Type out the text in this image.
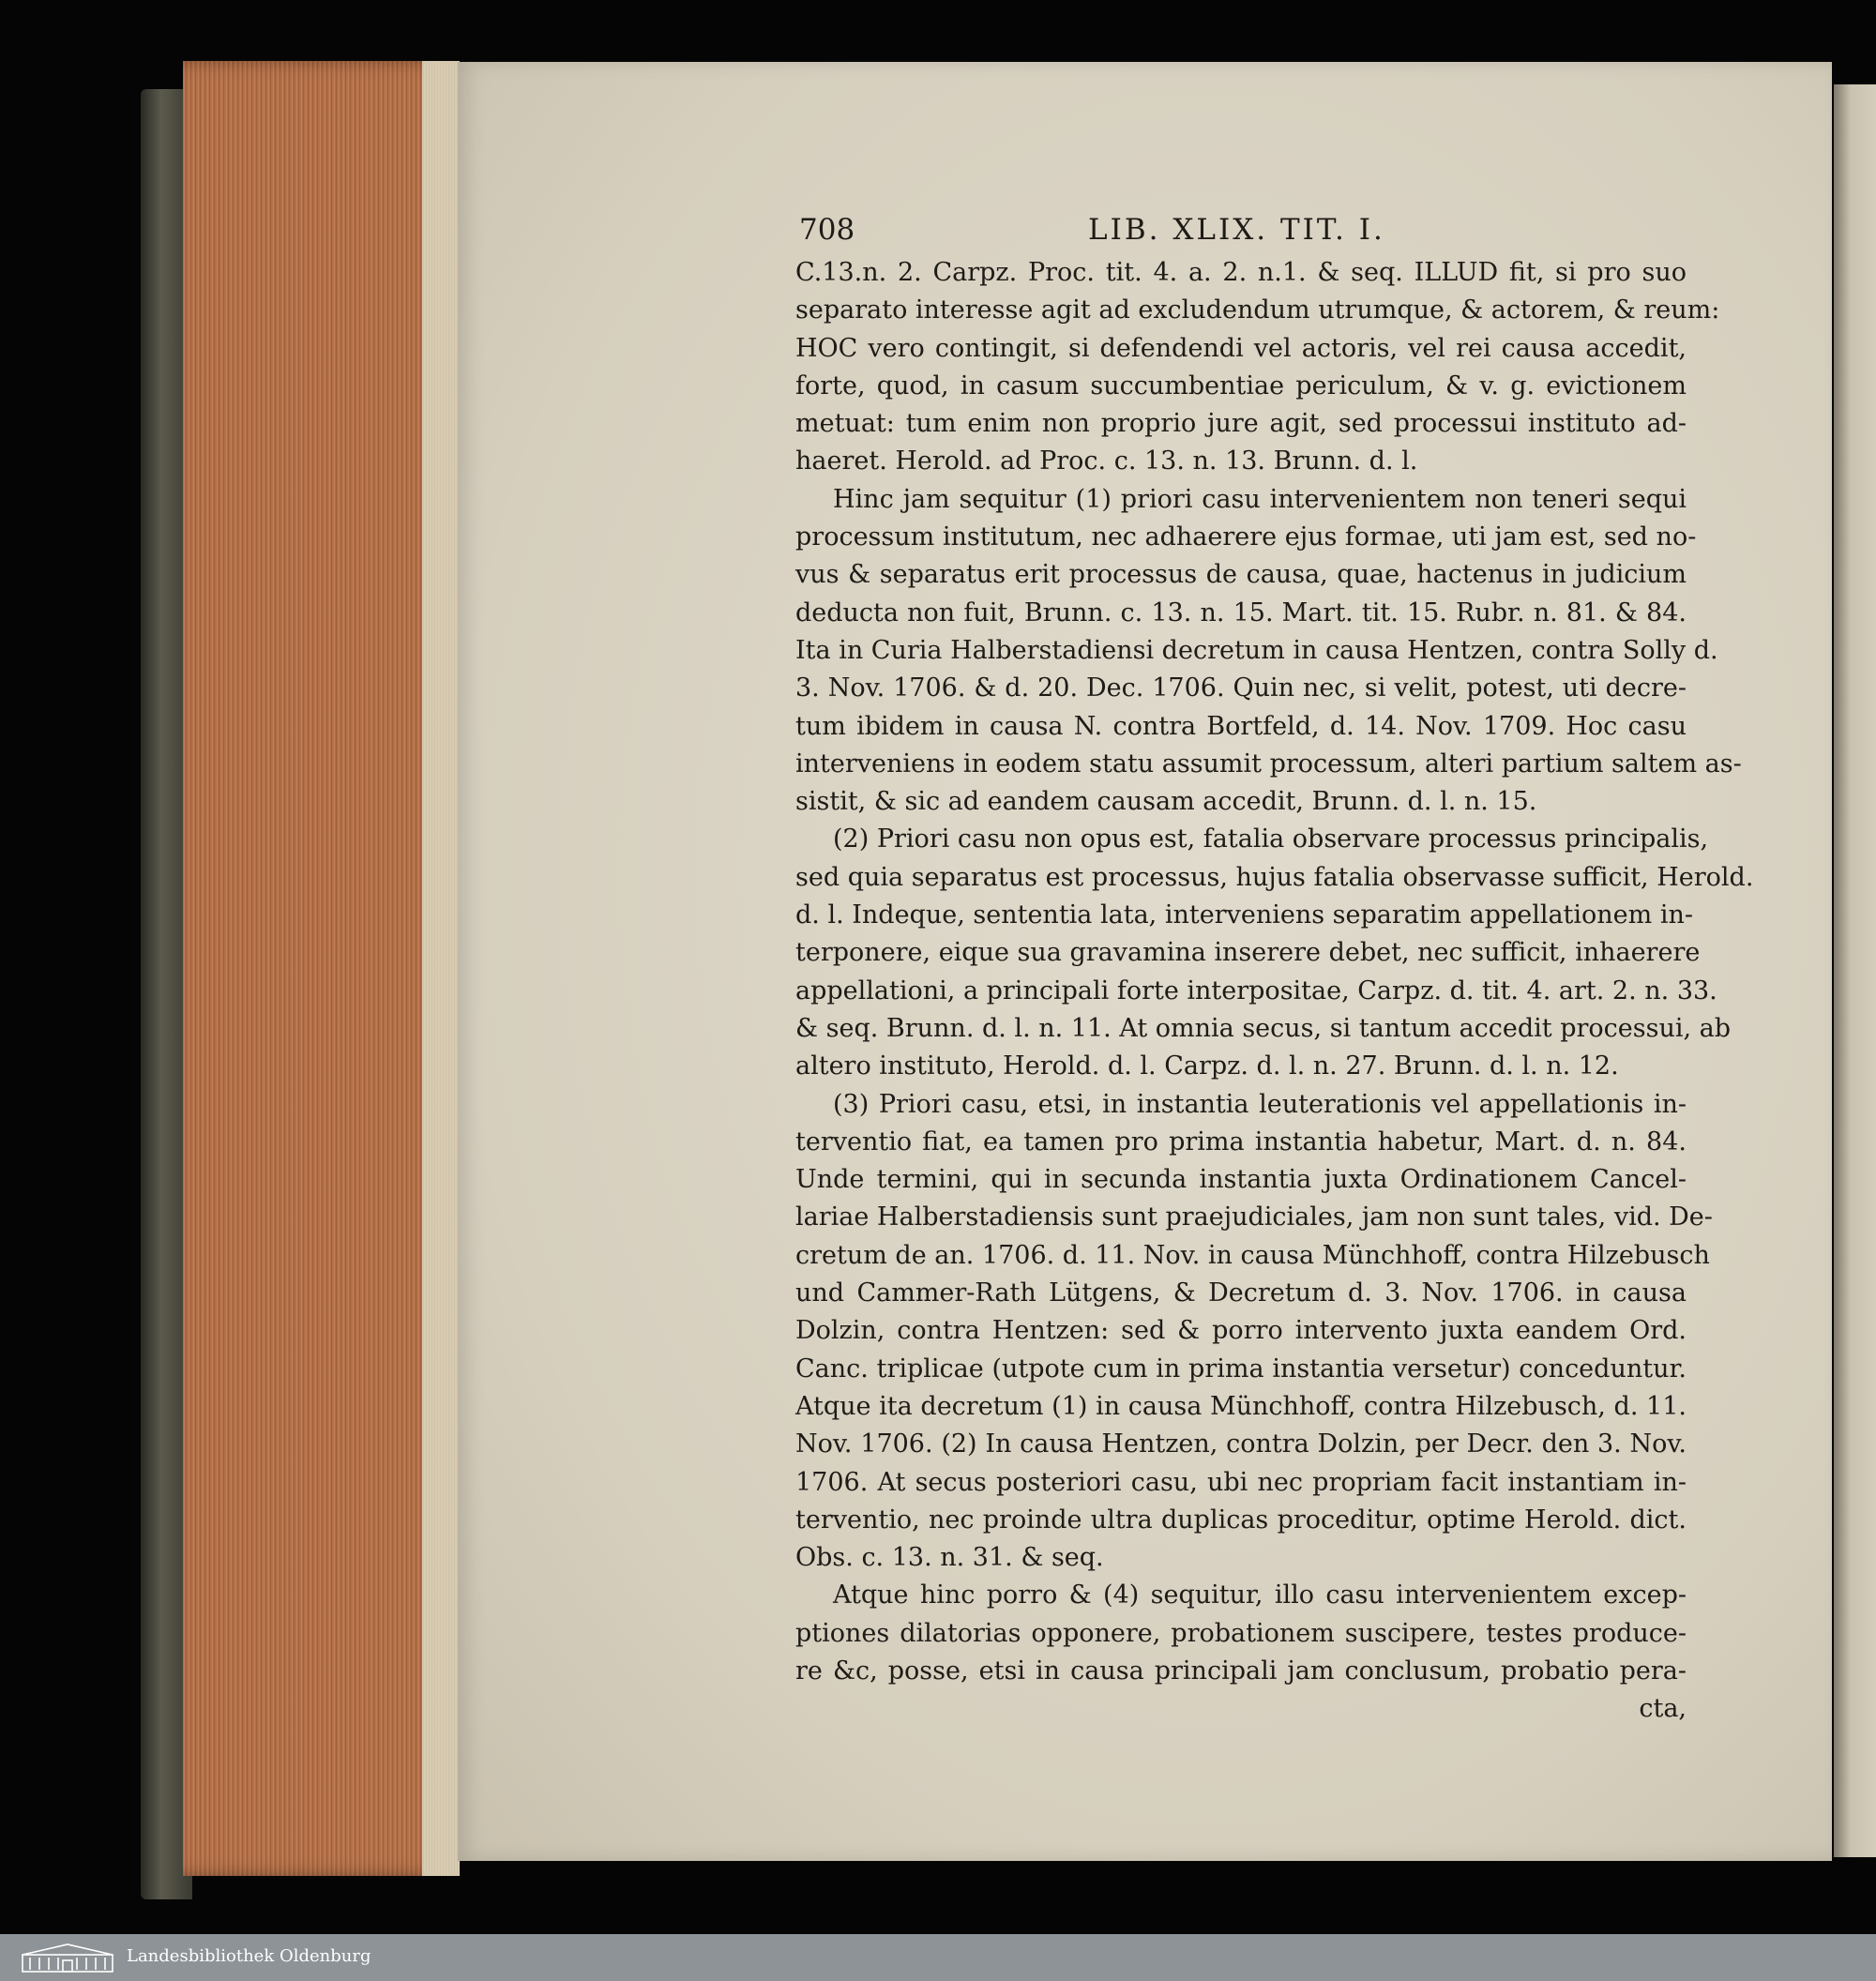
708	LIB. XLIX. TIT. I.
C.13.n. 2. Carpz. Proc. tit. 4. a. 2. n.1. & seq. ILLUD fit, si pro suo
separato interesse agit ad excludendum utrumque, & actorem, & reum:
HOC vero contingit, si defendendi vel actoris, vel rei causa accedit,
forte, quod, in casum succumbentiae periculum, & v. g. evictionem
metuat: tum enim non proprio jure agit, sed processui instituto ad-
haeret. Herold. ad Proc. c. 13. n. 13. Brunn. d. l.
Hinc jam sequitur (1) priori casu intervenientem non teneri sequi
processum institutum, nec adhaerere ejus formae, uti jam est, sed no-
vus & separatus erit processus de causa, quae, hactenus in judicium
deducta non fuit, Brunn. c. 13. n. 15. Mart. tit. 15. Rubr. n. 81. & 84.
Ita in Curia Halberstadiensi decretum in causa Hentzen, contra Solly d.
3. Nov. 1706. & d. 20. Dec. 1706. Quin nec, si velit, potest, uti decre-
tum ibidem in causa N. contra Bortfeld, d. 14. Nov. 1709. Hoc casu
interveniens in eodem statu assumit processum, alteri partium saltem as-
sistit, & sic ad eandem causam accedit, Brunn. d. l. n. 15.
(2) Priori casu non opus est, fatalia observare processus principalis,
sed quia separatus est processus, hujus fatalia observasse sufficit, Herold.
d. l. Indeque, sententia lata, interveniens separatim appellationem in-
terponere, eique sua gravamina inserere debet, nec sufficit, inhaerere
appellationi, a principali forte interpositae, Carpz. d. tit. 4. art. 2. n. 33.
& seq. Brunn. d. l. n. 11. At omnia secus, si tantum accedit processui, ab
altero instituto, Herold. d. l. Carpz. d. l. n. 27. Brunn. d. l. n. 12.
(3) Priori casu, etsi, in instantia leuterationis vel appellationis in-
terventio fiat, ea tamen pro prima instantia habetur, Mart. d. n. 84.
Unde termini, qui in secunda instantia juxta Ordinationem Cancel-
lariae Halberstadiensis sunt praejudiciales, jam non sunt tales, vid. De-
cretum de an. 1706. d. 11. Nov. in causa Münchhoff, contra Hilzebusch
und Cammer-Rath Lütgens, & Decretum d. 3. Nov. 1706. in causa
Dolzin, contra Hentzen: sed & porro intervento juxta eandem Ord.
Canc. triplicae (utpote cum in prima instantia versetur) conceduntur.
Atque ita decretum (1) in causa Münchhoff, contra Hilzebusch, d. 11.
Nov. 1706. (2) In causa Hentzen, contra Dolzin, per Decr. den 3. Nov.
1706. At secus posteriori casu, ubi nec propriam facit instantiam in-
terventio, nec proinde ultra duplicas proceditur, optime Herold. dict.
Obs. c. 13. n. 31. & seq.
Atque hinc porro & (4) sequitur, illo casu intervenientem excep-
ptiones dilatorias opponere, probationem suscipere, testes produce-
re &c, posse, etsi in causa principali jam conclusum, probatio pera-
cta,
Landesbibliothek Oldenburg
